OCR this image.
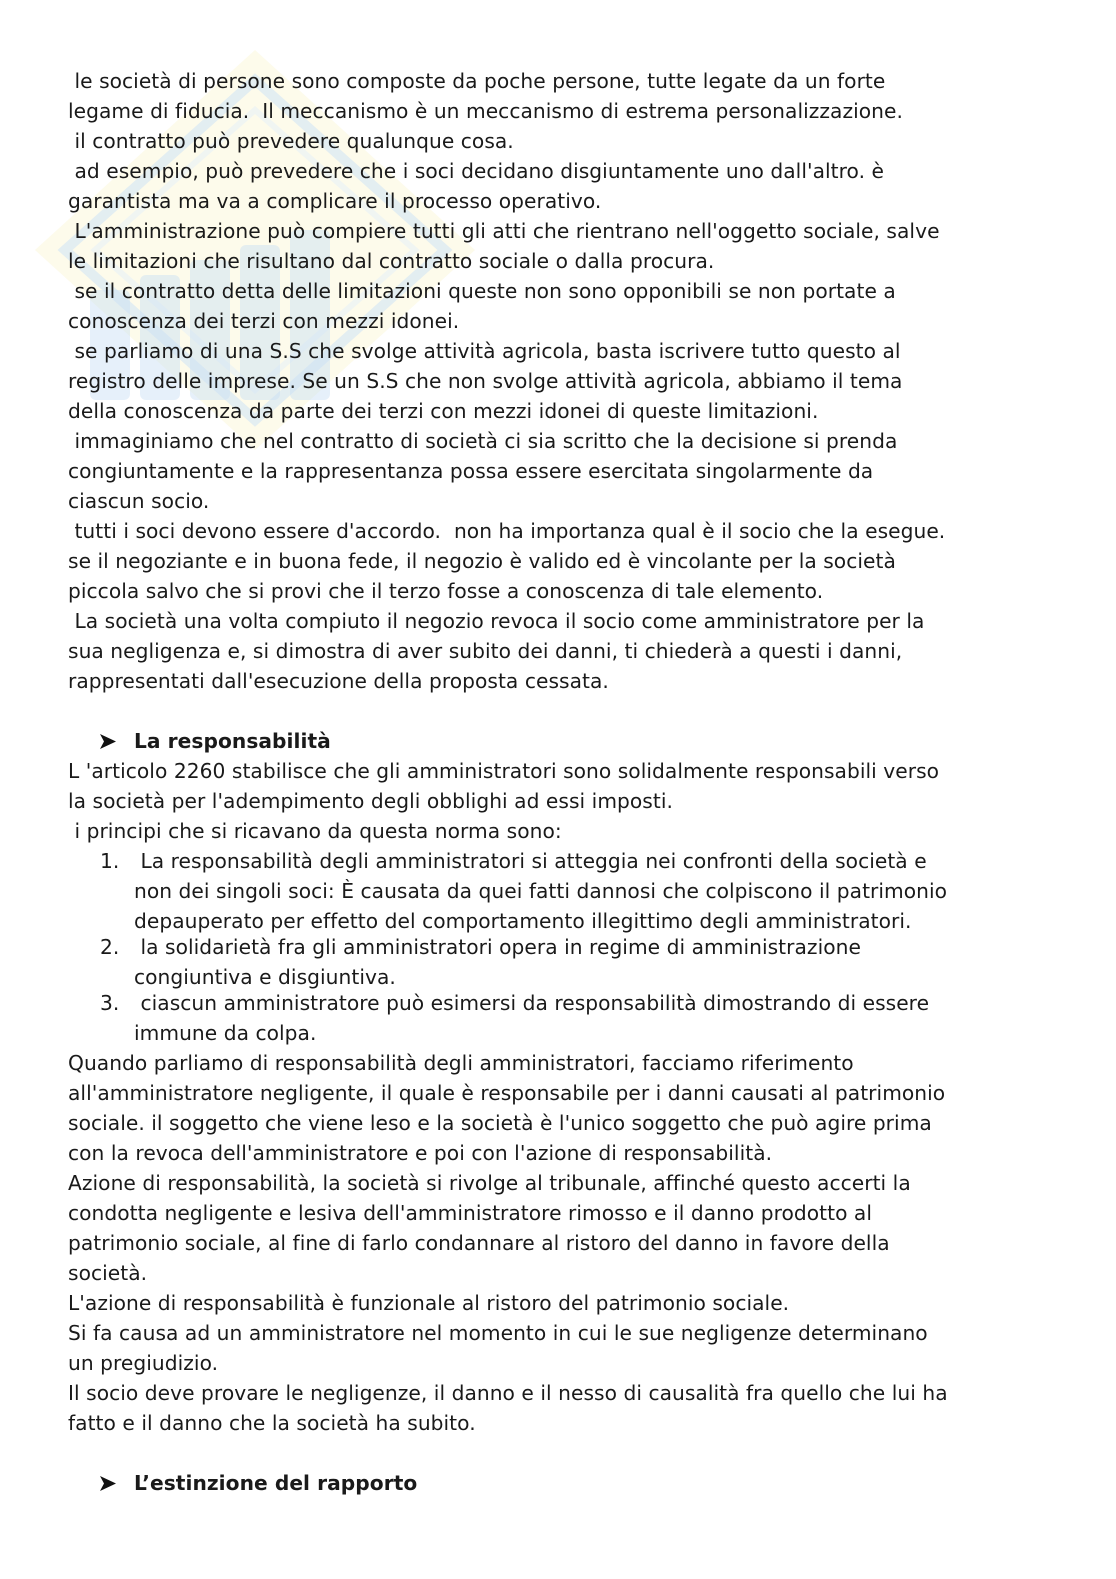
le società di persone sono composte da poche persone, tutte legate da un forte
legame di fiducia.  Il meccanismo è un meccanismo di estrema personalizzazione.

il contratto può prevedere qualunque cosa.

ad esempio, può prevedere che i soci decidano disgiuntamente uno dall'altro. è
garantista ma va a complicare il processo operativo.

L'amministrazione può compiere tutti gli atti che rientrano nell'oggetto sociale, salve
le limitazioni che risultano dal contratto sociale o dalla procura.

se il contratto detta delle limitazioni queste non sono opponibili se non portate a
conoscenza dei terzi con mezzi idonei.

se parliamo di una S.S che svolge attività agricola, basta iscrivere tutto questo al
registro delle imprese. Se un S.S che non svolge attività agricola, abbiamo il tema
della conoscenza da parte dei terzi con mezzi idonei di queste limitazioni.

immaginiamo che nel contratto di società ci sia scritto che la decisione si prenda
congiuntamente e la rappresentanza possa essere esercitata singolarmente da
ciascun socio.

tutti i soci devono essere d'accordo.  non ha importanza qual è il socio che la esegue.
se il negoziante e in buona fede, il negozio è valido ed è vincolante per la società
piccola salvo che si provi che il terzo fosse a conoscenza di tale elemento.

La società una volta compiuto il negozio revoca il socio come amministratore per la
sua negligenza e, si dimostra di aver subito dei danni, ti chiederà a questi i danni,
rappresentati dall'esecuzione della proposta cessata.

La responsabilità

L 'articolo 2260 stabilisce che gli amministratori sono solidalmente responsabili verso
la società per l'adempimento degli obblighi ad essi imposti.

i principi che si ricavano da questa norma sono:

1. La responsabilità degli amministratori si atteggia nei confronti della società e
non dei singoli soci: È causata da quei fatti dannosi che colpiscono il patrimonio
depauperato per effetto del comportamento illegittimo degli amministratori.
2. la solidarietà fra gli amministratori opera in regime di amministrazione
congiuntiva e disgiuntiva.
3. ciascun amministratore può esimersi da responsabilità dimostrando di essere
immune da colpa.

Quando parliamo di responsabilità degli amministratori, facciamo riferimento
all'amministratore negligente, il quale è responsabile per i danni causati al patrimonio
sociale. il soggetto che viene leso e la società è l'unico soggetto che può agire prima
con la revoca dell'amministratore e poi con l'azione di responsabilità.

Azione di responsabilità, la società si rivolge al tribunale, affinché questo accerti la
condotta negligente e lesiva dell'amministratore rimosso e il danno prodotto al
patrimonio sociale, al fine di farlo condannare al ristoro del danno in favore della
società.

L'azione di responsabilità è funzionale al ristoro del patrimonio sociale.

Si fa causa ad un amministratore nel momento in cui le sue negligenze determinano
un pregiudizio.

Il socio deve provare le negligenze, il danno e il nesso di causalità fra quello che lui ha
fatto e il danno che la società ha subito.

L’estinzione del rapporto
